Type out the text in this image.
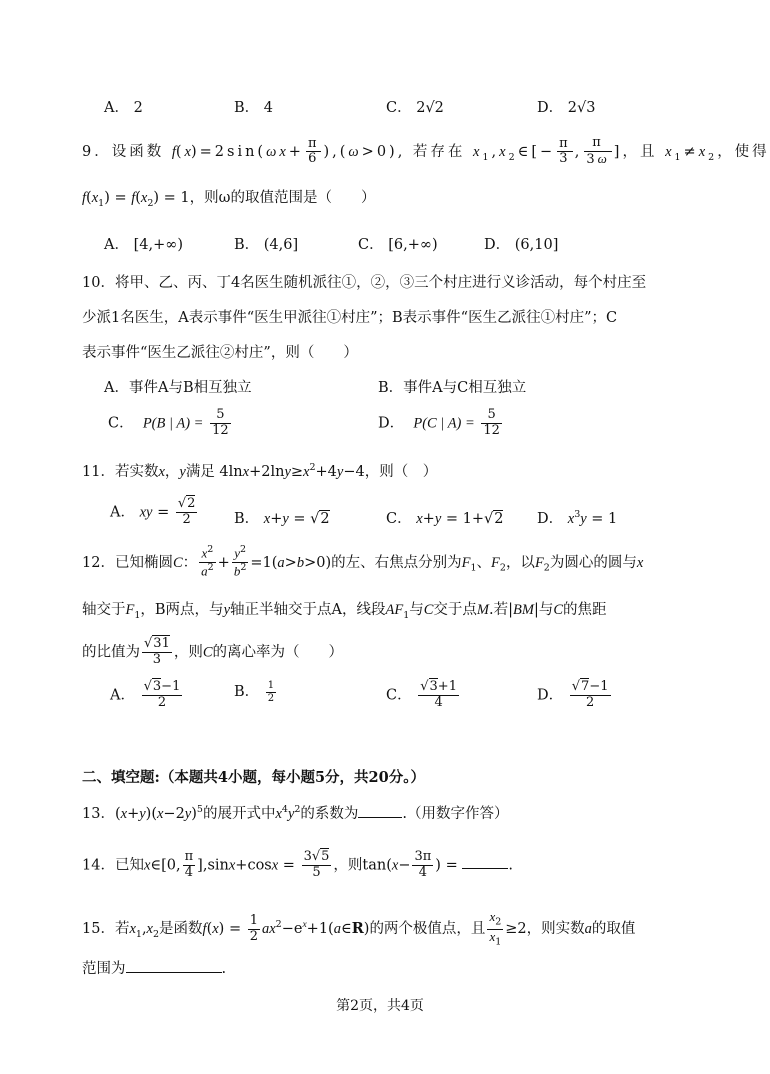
A． 2	B． 4	C． 2√2	D． 2√3
9．设函数 $f(x)=2\sin(\omega x+ \frac{\pi}{6} ),(\omega>0)$, 若存在 $x_1,x_2\in[- \frac{\pi}{3}$ , $\frac{\pi}{3\omega}$ ]，且 $x_1\ne x_2$，使得
$f(x_1) = f(x_2) = 1$，则ω的取值范围是（　　）
A． [4,+∞)	B． (4,6]	C． [6,+∞)	D． (6,10]
10．将甲、乙、丙、丁4名医生随机派往①，②，③三个村庄进行义诊活动，每个村庄至
少派1名医生，A表示事件“医生甲派往①村庄”；B表示事件“医生乙派往①村庄”；C
表示事件“医生乙派往②村庄”，则（　　）
A．事件A与B相互独立	B．事件A与C相互独立
C． P(B | $A) = \frac{5}{12}$	D． P(C | $A) = \frac{5}{12}$
11．若实数x，y满足 $4\ln x+2\ln y\ge x^2+4y-4$，则（　）
A． xy = $\frac{√2}{2}$	B． x+y = √2	C． x+y = 1+√2 D． $x^3y = 1$
12．已知椭圆C： $\frac{x^2}{a^2} + \frac{y^2}{b^2} =1(a>b>0)$的左、右焦点分别为$F_1$、$F_2$，以$F_2$为圆心的圆与x
轴交于$F_1$，B两点，与y轴正半轴交于点A，线段$AF_1$与C交于点M.若|BM|与C的焦距
的比值为 $\frac{√31}{3}$ ，则C的离心率为（　　）
A． $\frac{√3-1}{2}$	B． $\frac{1}{2}$	C． $\frac{√3+1}{4}$	D． $\frac{√7-1}{2}$
二、填空题:（本题共4小题，每小题5分，共20分。）
13．$(x+y)(x-2y)^5$的展开式中$x^4y^2$的系数为	.（用数字作答）
14．已知x∈[0, $\frac{\pi}{4} ],\sin x+\cos x = \frac{3√5}{5}$ ，则$\tan(x- \frac{3\pi}{4}$ ) =	.
15．若$x_1,x_2$是函数$f(x) = \frac{1}{2}$ $ax^2-e^x+1(a\in R)$的两个极值点，且 $\frac{x_2}{x_1} \ge 2$，则实数a的取值
范围为	.
第2页，共4页
